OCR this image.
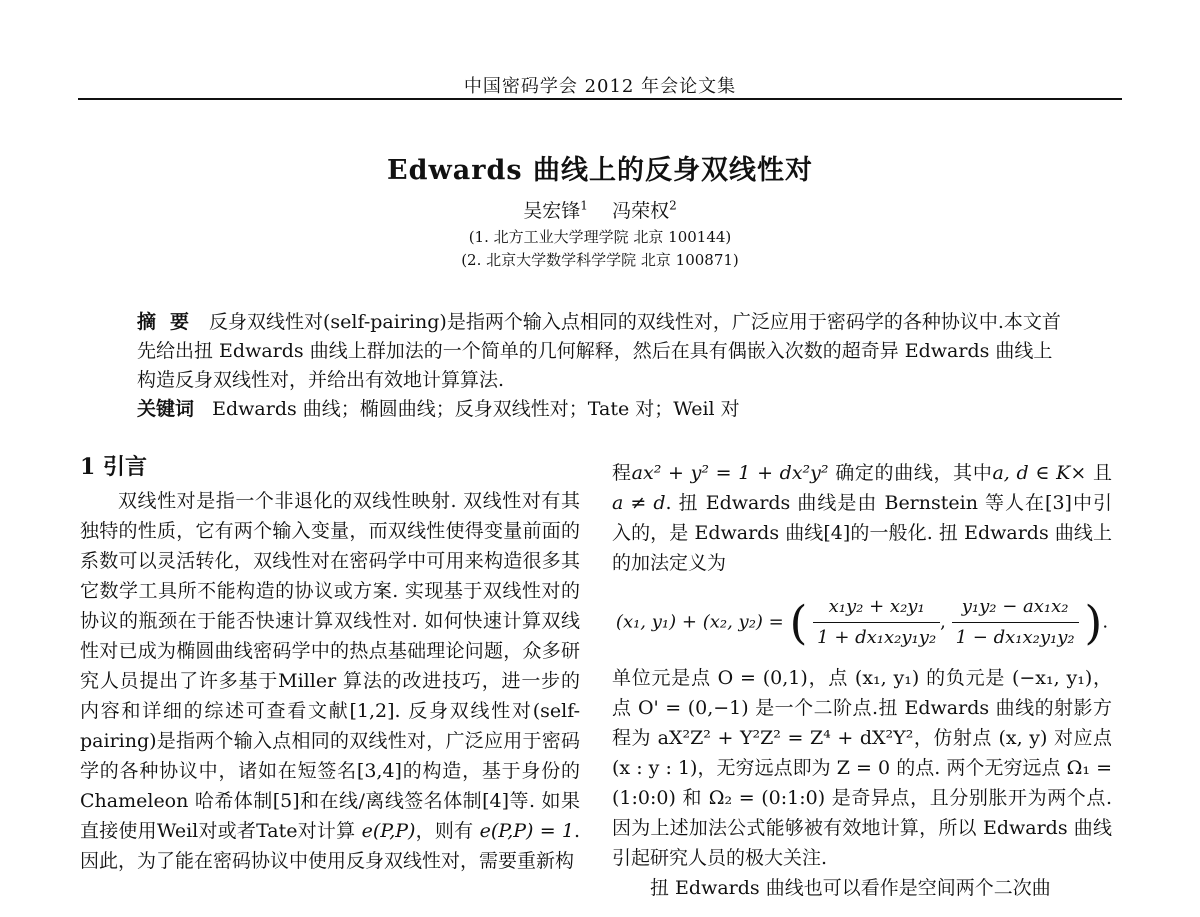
中国密码学会 2012 年会论文集
Edwards 曲线上的反身双线性对
吴宏锋$^1$ 冯荣权$^2$
(1. 北方工业大学理学院 北京 100144)
(2. 北京大学数学科学学院 北京 100871)

摘要 反身双线性对(self-pairing)是指两个输入点相同的双线性对，广泛应用于密码学的各种协议中.本文首先给出扭 Edwards 曲线上群加法的一个简单的几何解释，然后在具有偶嵌入次数的超奇异 Edwards 曲线上构造反身双线性对，并给出有效地计算算法.

关键词 Edwards 曲线；椭圆曲线；反身双线性对；Tate 对；Weil 对

1 引言

双线性对是指一个非退化的双线性映射. 双线性对有其独特的性质，它有两个输入变量，而双线性使得变量前面的系数可以灵活转化，双线性对在密码学中可用来构造很多其它数学工具所不能构造的协议或方案. 实现基于双线性对的协议的瓶颈在于能否快速计算双线性对. 如何快速计算双线性对已成为椭圆曲线密码学中的热点基础理论问题，众多研究人员提出了许多基于Miller 算法的改进技巧，进一步的内容和详细的综述可查看文献[1,2]. 反身双线性对(self-pairing)是指两个输入点相同的双线性对，广泛应用于密码学的各种协议中，诸如在短签名[3,4]的构造，基于身份的Chameleon 哈希体制[5]和在线/离线签名体制[4]等. 如果直接使用Weil对或者Tate对计算 e(P,P)，则有 e(P,P) = 1. 因此，为了能在密码协议中使用反身双线性对，需要重新构

程ax² + y² = 1 + dx²y² 确定的曲线，其中a, d ∈ K× 且 a ≠ d. 扭 Edwards 曲线是由 Bernstein 等人在[3]中引入的，是 Edwards 曲线[4]的一般化. 扭 Edwards 曲线上的加法定义为

(x₁, y₁) + (x₂, y₂) = ( $\frac{\text{x₁y₂ + x₂y₁}}{\text{1 + dx₁x₂y₁y₂}}$ , $\frac{\text{y₁y₂ − ax₁x₂}}{\text{1 − dx₁x₂y₁y₂}}$ ).

单位元是点 O = (0,1)，点 (x₁, y₁) 的负元是 (−x₁, y₁)，点 O' = (0,−1) 是一个二阶点.扭 Edwards 曲线的射影方程为 aX²Z² + Y²Z² = Z⁴ + dX²Y²，仿射点 (x, y) 对应点 (x : y : 1)，无穷远点即为 Z = 0 的点. 两个无穷远点 Ω₁ = (1:0:0) 和 Ω₂ = (0:1:0) 是奇异点，且分别胀开为两个点. 因为上述加法公式能够被有效地计算，所以 Edwards 曲线引起研究人员的极大关注.

扭 Edwards 曲线也可以看作是空间两个二次曲
